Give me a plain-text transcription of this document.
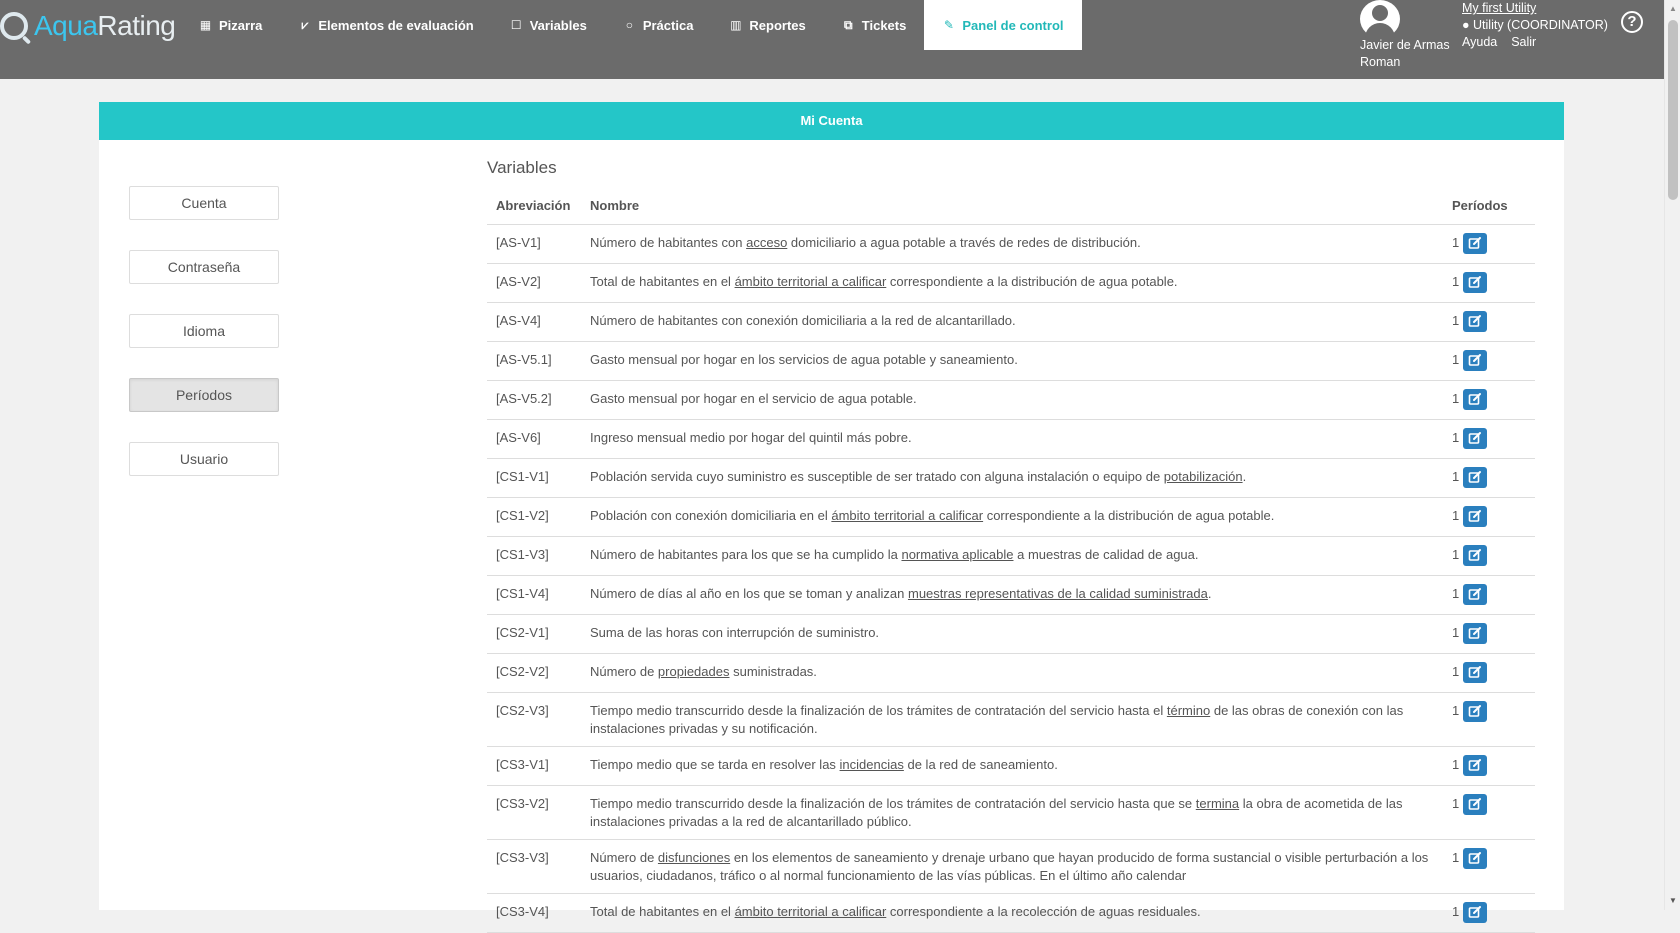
AquaRating ▦ Pizarra	⩗ Elementos de evaluación	☐ Variables	○ Práctica	▥ Reportes	⧉ Tickets	✎ Panel de control
Javier de Armas Roman
My first Utility
● Utility (COORDINATOR)
Ayuda Salir
?
▲
▼
Mi Cuenta
Cuenta
Contraseña
Idioma
Períodos
Usuario
Variables
Abreviación	Nombre	Períodos
[AS-V1]	Número de habitantes con acceso domiciliario a agua potable a través de redes de distribución.	1

[AS-V2]	Total de habitantes en el ámbito territorial a calificar correspondiente a la distribución de agua potable.	1

[AS-V4]	Número de habitantes con conexión domiciliaria a la red de alcantarillado.	1

[AS-V5.1]	Gasto mensual por hogar en los servicios de agua potable y saneamiento.	1

[AS-V5.2]	Gasto mensual por hogar en el servicio de agua potable.	1

[AS-V6]	Ingreso mensual medio por hogar del quintil más pobre.	1

[CS1-V1]	Población servida cuyo suministro es susceptible de ser tratado con alguna instalación o equipo de potabilización.	1

[CS1-V2]	Población con conexión domiciliaria en el ámbito territorial a calificar correspondiente a la distribución de agua potable.	1

[CS1-V3]	Número de habitantes para los que se ha cumplido la normativa aplicable a muestras de calidad de agua.	1

[CS1-V4]	Número de días al año en los que se toman y analizan muestras representativas de la calidad suministrada.	1

[CS2-V1]	Suma de las horas con interrupción de suministro.	1

[CS2-V2]	Número de propiedades suministradas.	1

[CS2-V3]	Tiempo medio transcurrido desde la finalización de los trámites de contratación del servicio hasta el término de las obras de conexión con las instalaciones privadas y su notificación.	1

[CS3-V1]	Tiempo medio que se tarda en resolver las incidencias de la red de saneamiento.	1

[CS3-V2]	Tiempo medio transcurrido desde la finalización de los trámites de contratación del servicio hasta que se termina la obra de acometida de las instalaciones privadas a la red de alcantarillado público.	1

[CS3-V3]	Número de disfunciones en los elementos de saneamiento y drenaje urbano que hayan producido de forma sustancial o visible perturbación a los usuarios, ciudadanos, tráfico o al normal funcionamiento de las vías públicas. En el último año calendar	1

[CS3-V4]	Total de habitantes en el ámbito territorial a calificar correspondiente a la recolección de aguas residuales.	1
